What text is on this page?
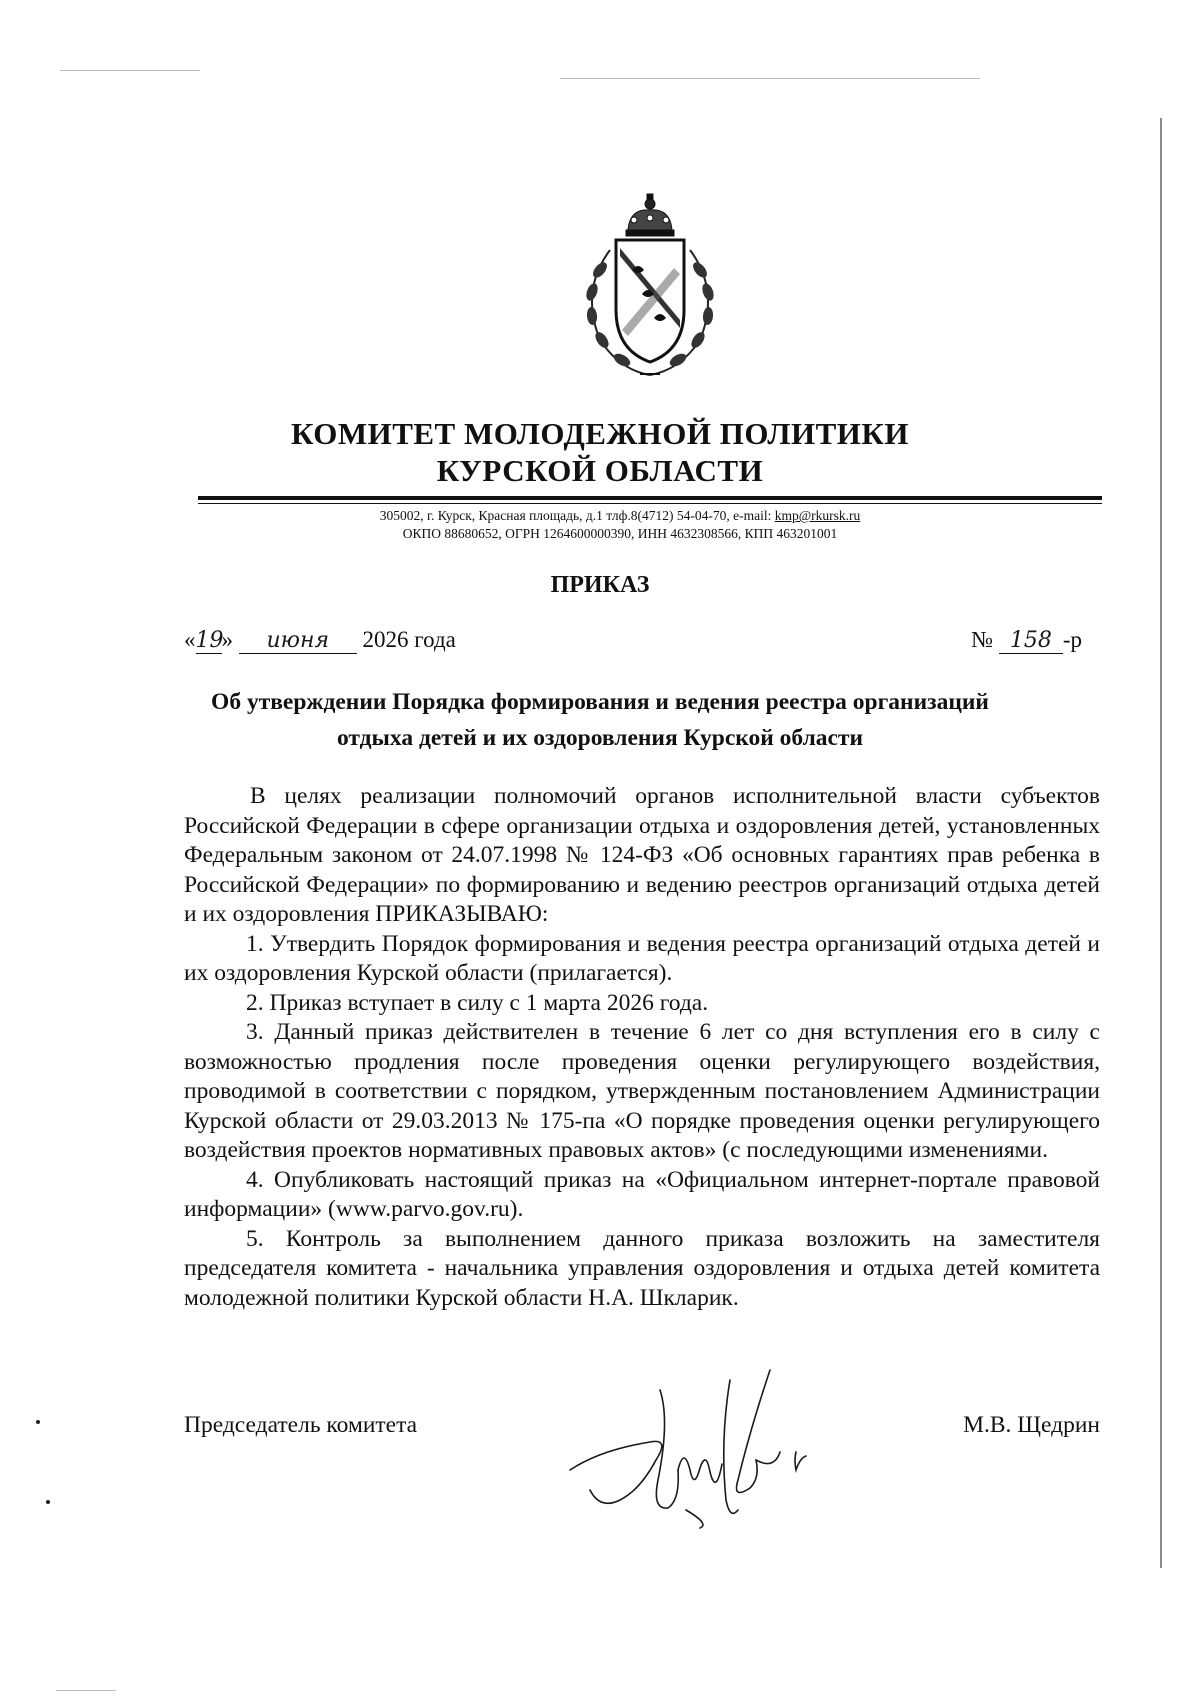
КОМИТЕТ МОЛОДЕЖНОЙ ПОЛИТИКИ
КУРСКОЙ ОБЛАСТИ
305002, г. Курск, Красная площадь, д.1 тлф.8(4712) 54-04-70, e-mail: kmp@rkursk.ru
ОКПО 88680652, ОГРН 1264600000390, ИНН 4632308566, КПП 463201001
ПРИКАЗ
«19» июня 2026 года	№ 158 -р
Об утверждении Порядка формирования и ведения реестра организаций
отдыха детей и их оздоровления Курской области

В целях реализации полномочий органов исполнительной власти субъектов Российской Федерации в сфере организации отдыха и оздоровления детей, установленных Федеральным законом от 24.07.1998 № 124-ФЗ «Об основных гарантиях прав ребенка в Российской Федерации» по формированию и ведению реестров организаций отдыха детей и их оздоровления ПРИКАЗЫВАЮ:

1. Утвердить Порядок формирования и ведения реестра организаций отдыха детей и их оздоровления Курской области (прилагается).

2. Приказ вступает в силу с 1 марта 2026 года.

3. Данный приказ действителен в течение 6 лет со дня вступления его в силу с возможностью продления после проведения оценки регулирующего воздействия, проводимой в соответствии с порядком, утвержденным постановлением Администрации Курской области от 29.03.2013 № 175-па «О порядке проведения оценки регулирующего воздействия проектов нормативных правовых актов» (с последующими изменениями.

4. Опубликовать настоящий приказ на «Официальном интернет-портале правовой информации» (www.parvo.gov.ru).

5. Контроль за выполнением данного приказа возложить на заместителя председателя комитета - начальника управления оздоровления и отдыха детей комитета молодежной политики Курской области Н.А. Шкларик.

Председатель комитета	М.В. Щедрин
